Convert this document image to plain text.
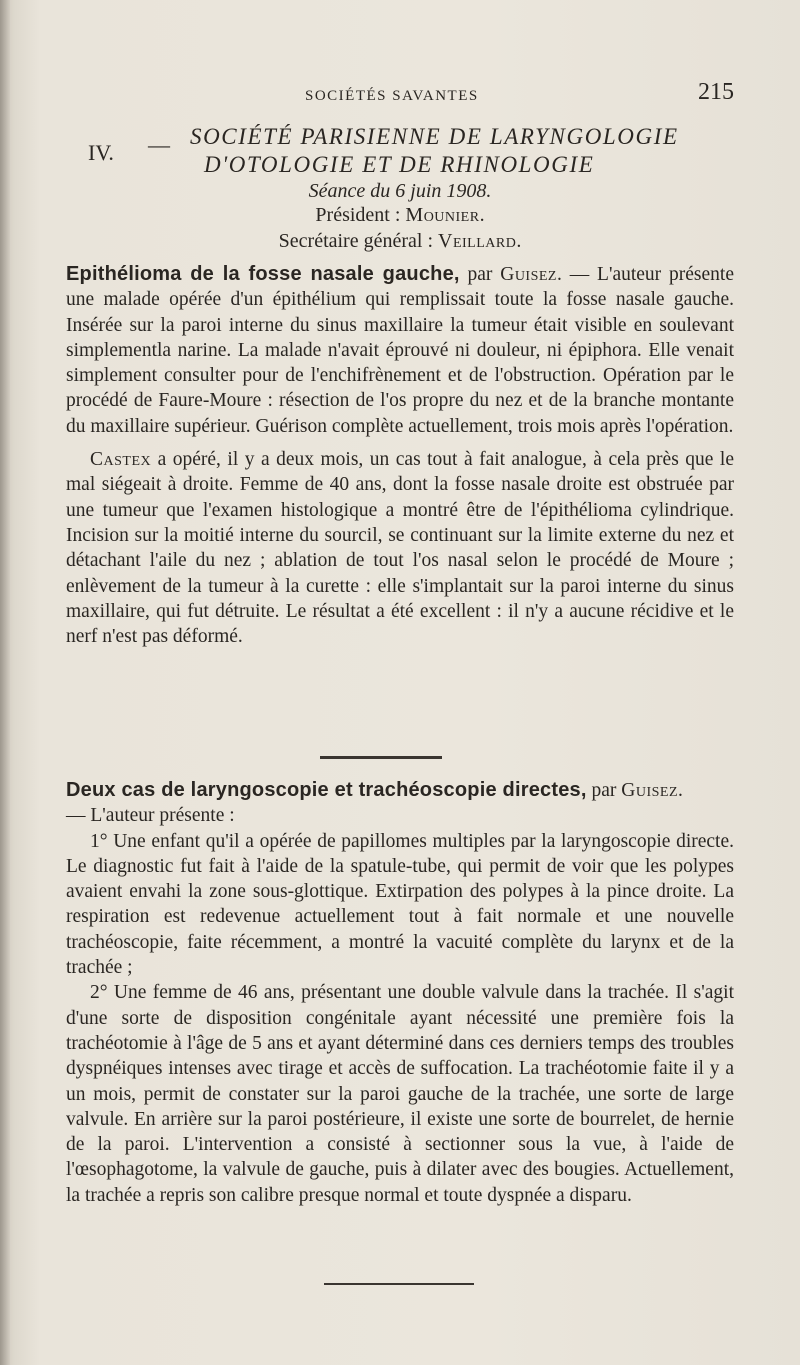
SOCIÉTÉS SAVANTES	215
IV. — SOCIÉTÉ PARISIENNE DE LARYNGOLOGIE
D'OTOLOGIE ET DE RHINOLOGIE
Séance du 6 juin 1908.
Président : Mounier.
Secrétaire général : Veillard.

Epithélioma de la fosse nasale gauche, par Guisez. — L'auteur présente une malade opérée d'un épithélium qui remplissait toute la fosse nasale gauche. Insérée sur la paroi interne du sinus maxillaire la tumeur était visible en soulevant simplementla narine. La malade n'avait éprouvé ni douleur, ni épiphora. Elle venait simplement consulter pour de l'enchifrènement et de l'obstruction. Opération par le procédé de Faure-Moure : résection de l'os propre du nez et de la branche montante du maxillaire supérieur. Guérison complète actuellement, trois mois après l'opération.

Castex a opéré, il y a deux mois, un cas tout à fait analogue, à cela près que le mal siégeait à droite. Femme de 40 ans, dont la fosse nasale droite est obstruée par une tumeur que l'examen histologique a montré être de l'épithélioma cylindrique. Incision sur la moitié interne du sourcil, se continuant sur la limite externe du nez et détachant l'aile du nez ; ablation de tout l'os nasal selon le procédé de Moure ; enlèvement de la tumeur à la curette : elle s'implantait sur la paroi interne du sinus maxillaire, qui fut détruite. Le résultat a été excellent : il n'y a aucune récidive et le nerf n'est pas déformé.

Deux cas de laryngoscopie et trachéoscopie directes, par Guisez.

— L'auteur présente :

1° Une enfant qu'il a opérée de papillomes multiples par la laryngoscopie directe. Le diagnostic fut fait à l'aide de la spatule-tube, qui permit de voir que les polypes avaient envahi la zone sous-glottique. Extirpation des polypes à la pince droite. La respiration est redevenue actuellement tout à fait normale et une nouvelle trachéoscopie, faite récemment, a montré la vacuité complète du larynx et de la trachée ;

2° Une femme de 46 ans, présentant une double valvule dans la trachée. Il s'agit d'une sorte de disposition congénitale ayant nécessité une première fois la trachéotomie à l'âge de 5 ans et ayant déterminé dans ces derniers temps des troubles dyspnéiques intenses avec tirage et accès de suffocation. La trachéotomie faite il y a un mois, permit de constater sur la paroi gauche de la trachée, une sorte de large valvule. En arrière sur la paroi postérieure, il existe une sorte de bourrelet, de hernie de la paroi. L'intervention a consisté à sectionner sous la vue, à l'aide de l'œsophagotome, la valvule de gauche, puis à dilater avec des bougies. Actuellement, la trachée a repris son calibre presque normal et toute dyspnée a disparu.
